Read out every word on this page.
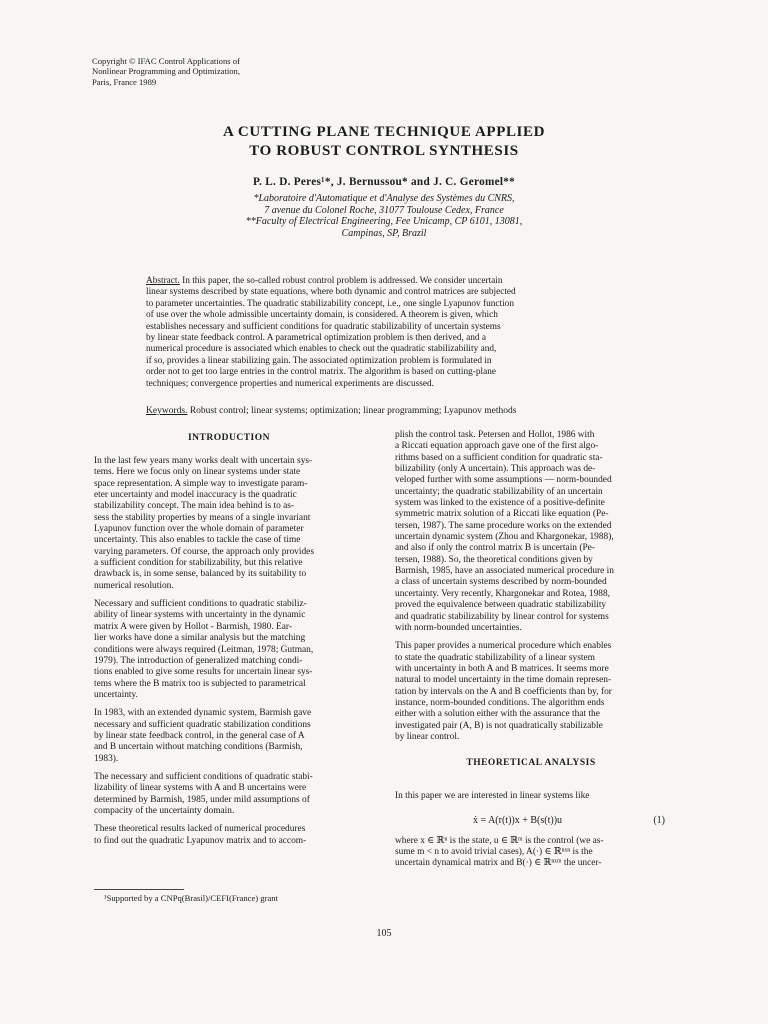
Copyright © IFAC Control Applications of
Nonlinear Programming and Optimization,
Paris, France 1989
A CUTTING PLANE TECHNIQUE APPLIED
TO ROBUST CONTROL SYNTHESIS
P. L. D. Peres¹*, J. Bernussou* and J. C. Geromel**
*Laboratoire d'Automatique et d'Analyse des Systèmes du CNRS,
7 avenue du Colonel Roche, 31077 Toulouse Cedex, France
**Faculty of Electrical Engineering, Fee Unicamp, CP 6101, 13081,
Campinas, SP, Brazil
Abstract. In this paper, the so-called robust control problem is addressed. We consider uncertain
linear systems described by state equations, where both dynamic and control matrices are subjected
to parameter uncertainties. The quadratic stabilizability concept, i.e., one single Lyapunov function
of use over the whole admissible uncertainty domain, is considered. A theorem is given, which
establishes necessary and sufficient conditions for quadratic stabilizability of uncertain systems
by linear state feedback control. A parametrical optimization problem is then derived, and a
numerical procedure is associated which enables to check out the quadratic stabilizability and,
if so, provides a linear stabilizing gain. The associated optimization problem is formulated in
order not to get too large entries in the control matrix. The algorithm is based on cutting-plane
techniques; convergence properties and numerical experiments are discussed.
Keywords. Robust control; linear systems; optimization; linear programming; Lyapunov methods
INTRODUCTION
In the last few years many works dealt with uncertain sys-
tems. Here we focus only on linear systems under state
space representation. A simple way to investigate param-
eter uncertainty and model inaccuracy is the quadratic
stabilizability concept. The main idea behind is to as-
sess the stability properties by means of a single invariant
Lyapunov function over the whole domain of parameter
uncertainty. This also enables to tackle the case of time
varying parameters. Of course, the approach only provides
a sufficient condition for stabilizability, but this relative
drawback is, in some sense, balanced by its suitability to
numerical resolution.
Necessary and sufficient conditions to quadratic stabiliz-
ability of linear systems with uncertainty in the dynamic
matrix A were given by Hollot - Barmish, 1980. Ear-
lier works have done a similar analysis but the matching
conditions were always required (Leitman, 1978; Gutman,
1979). The introduction of generalized matching condi-
tions enabled to give some results for uncertain linear sys-
tems where the B matrix too is subjected to parametrical
uncertainty.
In 1983, with an extended dynamic system, Barmish gave
necessary and sufficient quadratic stabilization conditions
by linear state feedback control, in the general case of A
and B uncertain without matching conditions (Barmish,
1983).
The necessary and sufficient conditions of quadratic stabi-
lizability of linear systems with A and B uncertains were
determined by Barmish, 1985, under mild assumptions of
compacity of the uncertainty domain.
These theoretical results lacked of numerical procedures
to find out the quadratic Lyapunov matrix and to accom-
plish the control task. Petersen and Hollot, 1986 with
a Riccati equation approach gave one of the first algo-
rithms based on a sufficient condition for quadratic sta-
bilizability (only A uncertain). This approach was de-
veloped further with some assumptions — norm-bounded
uncertainty; the quadratic stabilizability of an uncertain
system was linked to the existence of a positive-definite
symmetric matrix solution of a Riccati like equation (Pe-
tersen, 1987). The same procedure works on the extended
uncertain dynamic system (Zhou and Khargonekar, 1988),
and also if only the control matrix B is uncertain (Pe-
tersen, 1988). So, the theoretical conditions given by
Barmish, 1985, have an associated numerical procedure in
a class of uncertain systems described by norm-bounded
uncertainty. Very recently, Khargonekar and Rotea, 1988,
proved the equivalence between quadratic stabilizability
and quadratic stabilizability by linear control for systems
with norm-bounded uncertainties.
This paper provides a numerical procedure which enables
to state the quadratic stabilizability of a linear system
with uncertainty in both A and B matrices. It seems more
natural to model uncertainty in the time domain represen-
tation by intervals on the A and B coefficients than by, for
instance, norm-bounded conditions. The algorithm ends
either with a solution either with the assurance that the
investigated pair (A, B) is not quadratically stabilizable
by linear control.
THEORETICAL ANALYSIS
In this paper we are interested in linear systems like
ẋ = A(r(t))x + B(s(t))u	(1)
where x ∈ ℝⁿ is the state, u ∈ ℝᵐ is the control (we as-
sume m < n to avoid trivial cases), A(·) ∈ ℝⁿˣⁿ is the
uncertain dynamical matrix and B(·) ∈ ℝⁿˣᵐ the uncer-
¹Supported by a CNPq(Brasil)/CEFI(France) grant
105
